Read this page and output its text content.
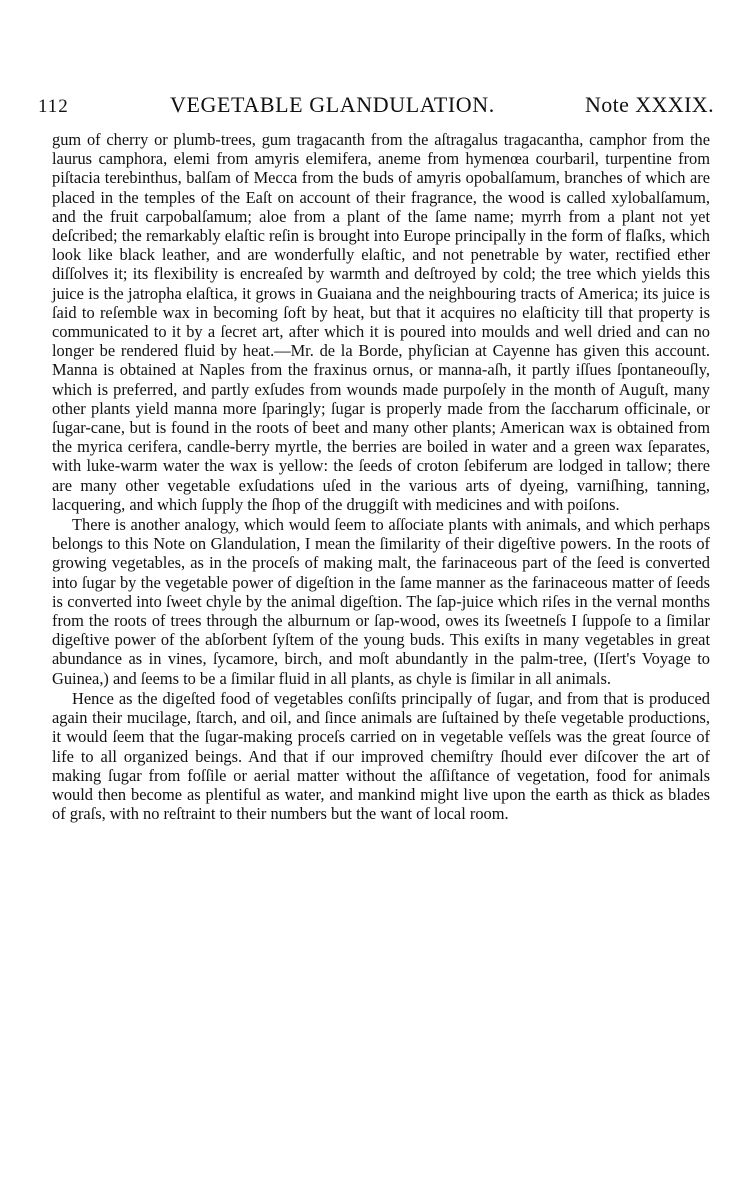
112	VEGETABLE GLANDULATION.	Note XXXIX.

gum of cherry or plumb-trees, gum tragacanth from the aſtragalus tragacantha, camphor from the laurus camphora, elemi from amyris elemifera, aneme from hymenœa courbaril, turpentine from piſtacia terebinthus, balſam of Mecca from the buds of amyris opobalſamum, branches of which are placed in the temples of the Eaſt on account of their fragrance, the wood is called xylobalſamum, and the fruit carpobalſamum; aloe from a plant of the ſame name; myrrh from a plant not yet deſcribed; the remarkably elaſtic reſin is brought into Europe principally in the form of flaſks, which look like black leather, and are wonderfully elaſtic, and not penetrable by water, rectified ether diſſolves it; its flexibility is encreaſed by warmth and deſtroyed by cold; the tree which yields this juice is the jatropha elaſtica, it grows in Guaiana and the neighbouring tracts of America; its juice is ſaid to reſemble wax in becoming ſoft by heat, but that it acquires no elaſticity till that property is communicated to it by a ſecret art, after which it is poured into moulds and well dried and can no longer be rendered fluid by heat.—Mr. de la Borde, phyſician at Cayenne has given this account. Manna is obtained at Naples from the fraxinus ornus, or manna-aſh, it partly iſſues ſpontaneouſly, which is preferred, and partly exſudes from wounds made purpoſely in the month of Auguſt, many other plants yield manna more ſparingly; ſugar is properly made from the ſaccharum officinale, or ſugar-cane, but is found in the roots of beet and many other plants; American wax is obtained from the myrica cerifera, candle-berry myrtle, the berries are boiled in water and a green wax ſeparates, with luke-warm water the wax is yellow: the ſeeds of croton ſebiferum are lodged in tallow; there are many other vegetable exſudations uſed in the various arts of dyeing, varniſhing, tanning, lacquering, and which ſupply the ſhop of the druggiſt with medicines and with poiſons.

There is another analogy, which would ſeem to aſſociate plants with animals, and which perhaps belongs to this Note on Glandulation, I mean the ſimilarity of their digeſtive powers. In the roots of growing vegetables, as in the proceſs of making malt, the farinaceous part of the ſeed is converted into ſugar by the vegetable power of digeſtion in the ſame manner as the farinaceous matter of ſeeds is converted into ſweet chyle by the animal digeſtion. The ſap-juice which riſes in the vernal months from the roots of trees through the alburnum or ſap-wood, owes its ſweetneſs I ſuppoſe to a ſimilar digeſtive power of the abſorbent ſyſtem of the young buds. This exiſts in many vegetables in great abundance as in vines, ſycamore, birch, and moſt abundantly in the palm-tree, (Iſert's Voyage to Guinea,) and ſeems to be a ſimilar fluid in all plants, as chyle is ſimilar in all animals.

Hence as the digeſted food of vegetables conſiſts principally of ſugar, and from that is produced again their mucilage, ſtarch, and oil, and ſince animals are ſuſtained by theſe vegetable productions, it would ſeem that the ſugar-making proceſs carried on in vegetable veſſels was the great ſource of life to all organized beings. And that if our improved chemiſtry ſhould ever diſcover the art of making ſugar from foſſile or aerial matter without the aſſiſtance of vegetation, food for animals would then become as plentiful as water, and mankind might live upon the earth as thick as blades of graſs, with no reſtraint to their numbers but the want of local room.
